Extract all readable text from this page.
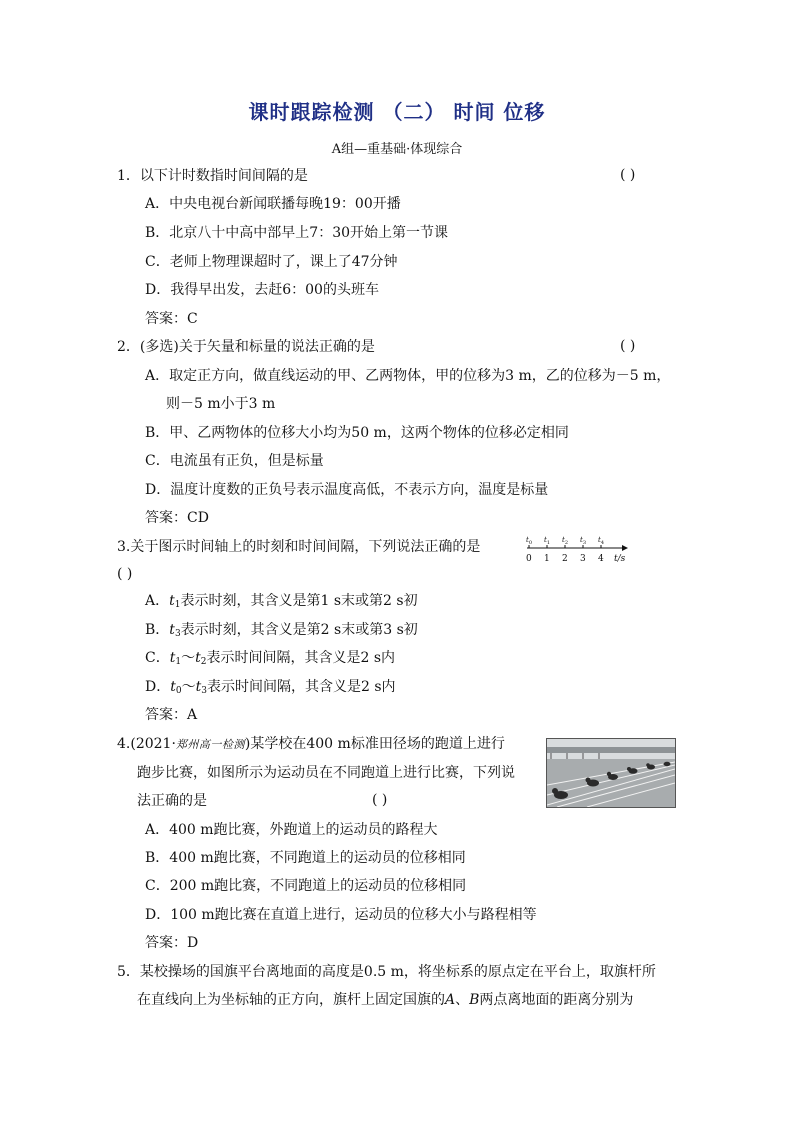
课时跟踪检测 （二） 时间 位移
A组—重基础·体现综合
1．以下计时数指时间间隔的是	( )
A．中央电视台新闻联播每晚19：00开播
B．北京八十中高中部早上7：30开始上第一节课
C．老师上物理课超时了，课上了47分钟
D．我得早出发，去赶6：00的头班车
答案：C
2．(多选)关于矢量和标量的说法正确的是	( )
A．取定正方向，做直线运动的甲、乙两物体，甲的位移为3 m，乙的位移为－5 m，
则－5 m小于3 m
B．甲、乙两物体的位移大小均为50 m，这两个物体的位移必定相同
C．电流虽有正负，但是标量
D．温度计度数的正负号表示温度高低，不表示方向，温度是标量
答案：CD
3.关于图示时间轴上的时刻和时间间隔，下列说法正确的是	$t_0$ $t_1$ $t_2$ $t_3$ $t_4$
0 1 2 3 4 t/s
( )
A．$t_1$表示时刻，其含义是第1 s末或第2 s初
B．$t_3$表示时刻，其含义是第2 s末或第3 s初
C．$t_1\sim t_2$表示时间间隔，其含义是2 s内
D．$t_0\sim t_3$表示时间间隔，其含义是2 s内
答案：A
4.(2021·郑州高一检测)某学校在400 m标准田径场的跑道上进行
跑步比赛，如图所示为运动员在不同跑道上进行比赛，下列说
法正确的是	( )
A．400 m跑比赛，外跑道上的运动员的路程大
B．400 m跑比赛，不同跑道上的运动员的位移相同
C．200 m跑比赛，不同跑道上的运动员的位移相同
D．100 m跑比赛在直道上进行，运动员的位移大小与路程相等
答案：D
5．某校操场的国旗平台离地面的高度是0.5 m，将坐标系的原点定在平台上，取旗杆所
在直线向上为坐标轴的正方向，旗杆上固定国旗的A、B两点离地面的距离分别为
